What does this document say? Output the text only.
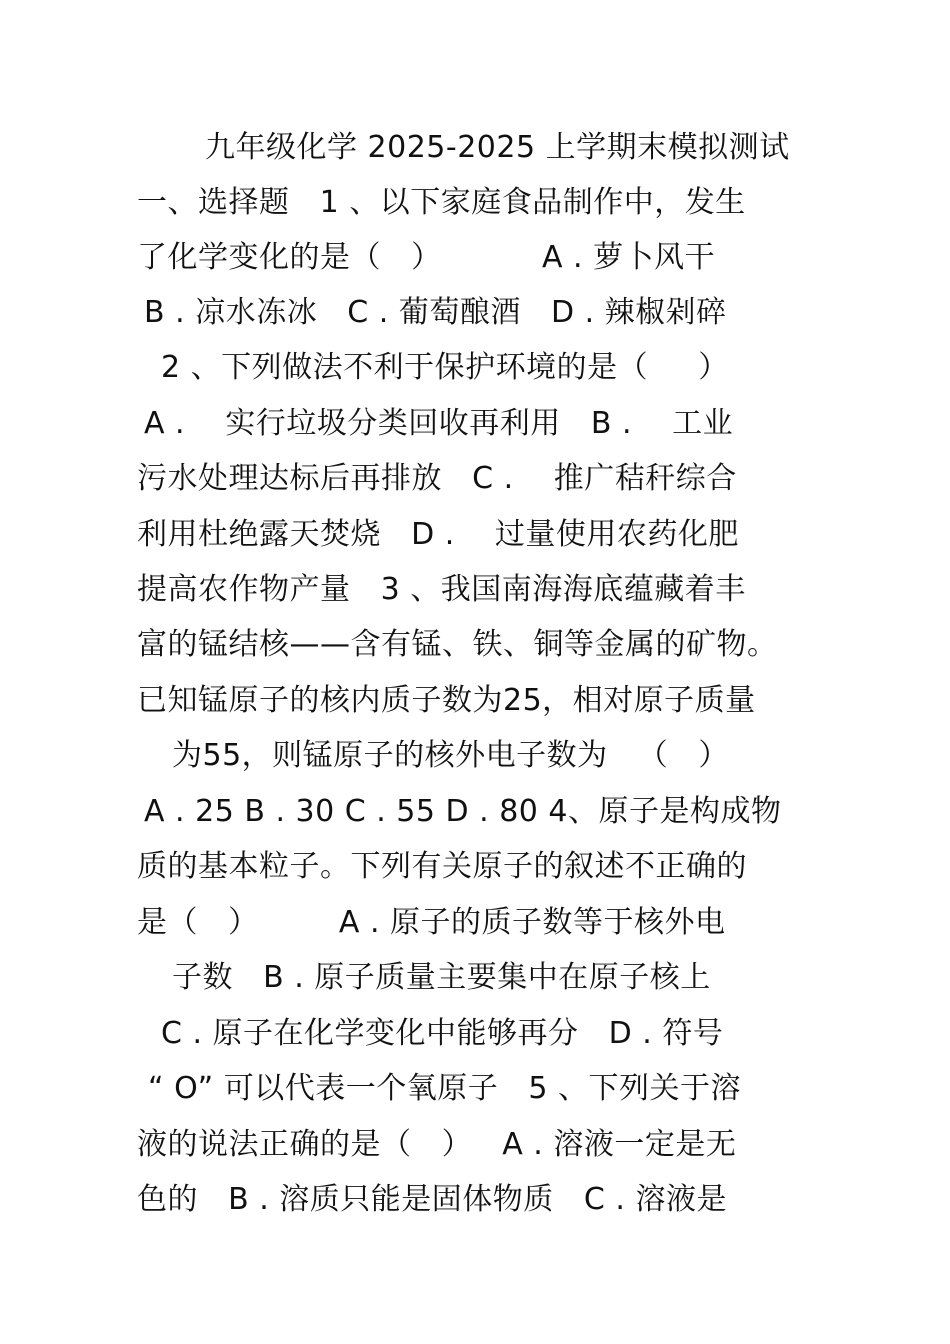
九年级化学 2025-2025 上学期末模拟测试
一、选择题   1 、以下家庭食品制作中，发生
了化学变化的是（   ）          A . 萝卜风干
B . 凉水冻冰   C . 葡萄酿酒   D . 辣椒剁碎
2 、下列做法不利于保护环境的是（     ）
A .    实行垃圾分类回收再利用   B .    工业
污水处理达标后再排放   C .    推广秸秆综合
利用杜绝露天焚烧   D .    过量使用农药化肥
提高农作物产量   3 、我国南海海底蕴藏着丰
富的锰结核——含有锰、铁、铜等金属的矿物。
已知锰原子的核内质子数为25，相对原子质量
为55，则锰原子的核外电子数为   （   ）
A . 25 B . 30 C . 55 D . 80 4、原子是构成物
质的基本粒子。下列有关原子的叙述不正确的
是（   ）        A . 原子的质子数等于核外电
子数   B . 原子质量主要集中在原子核上
C . 原子在化学变化中能够再分   D . 符号
“ O” 可以代表一个氧原子   5 、下列关于溶
液的说法正确的是（   ）   A . 溶液一定是无
色的   B . 溶质只能是固体物质   C . 溶液是
